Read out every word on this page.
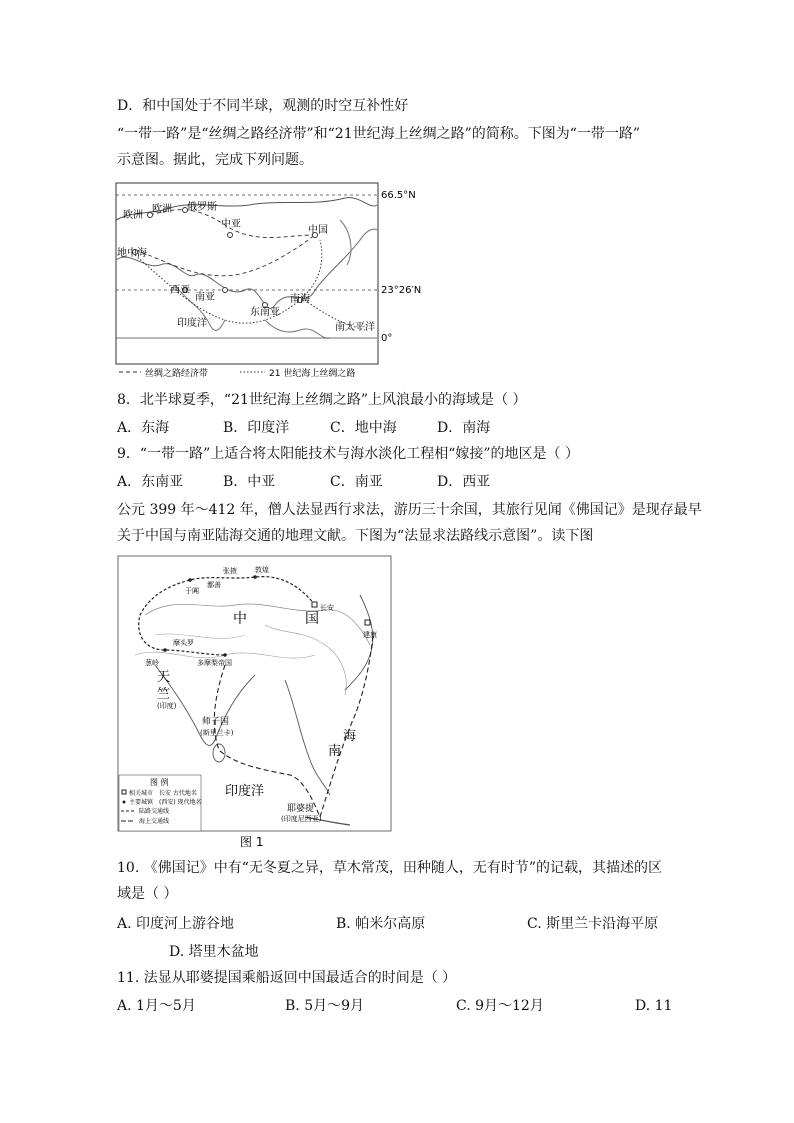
D．和中国处于不同半球，观测的时空互补性好
“一带一路”是“丝绸之路经济带”和“21世纪海上丝绸之路”的简称。下图为“一带一路”
示意图。据此，完成下列问题。
66.5°N
23°26′N
0°
欧洲
欧洲 俄罗斯
中亚
中国
地中海
西亚
南亚
东南亚
南海
印度洋	南太平洋
丝绸之路经济带	21 世纪海上丝绸之路
8．北半球夏季，“21世纪海上丝绸之路”上风浪最小的海域是（ ）
A．东海	B．印度洋	C．地中海	D．南海
9．“一带一路”上适合将太阳能技术与海水淡化工程相“嫁接”的地区是（ ）
A．东南亚	B．中亚	C．南亚	D．西亚
公元 399 年～412 年，僧人法显西行求法，游历三十余国，其旅行见闻《佛国记》是现存最早
关于中国与南亚陆海交通的地理文献。下图为“法显求法路线示意图”。读下图
中	国
天
竺
海
南
印度洋
师子国
(斯里兰卡)
耶婆提
(印度尼西亚)
(印度)
长安
建康
葱岭
敦煌
张掖
于阗
摩头罗
多摩梨帝国
鄯善
图 例
相关城市 长安 古代地名
主要城镇 (西安) 现代地名
陆路交通线
海上交通线
图 1
10. 《佛国记》中有“无冬夏之异，草木常茂，田种随人，无有时节”的记载，其描述的区
域是（ ）
A. 印度河上游谷地	B. 帕米尔高原	C. 斯里兰卡沿海平原
D. 塔里木盆地
11. 法显从耶婆提国乘船返回中国最适合的时间是（ ）
A. 1月～5月	B. 5月～9月	C. 9月～12月	D. 11
